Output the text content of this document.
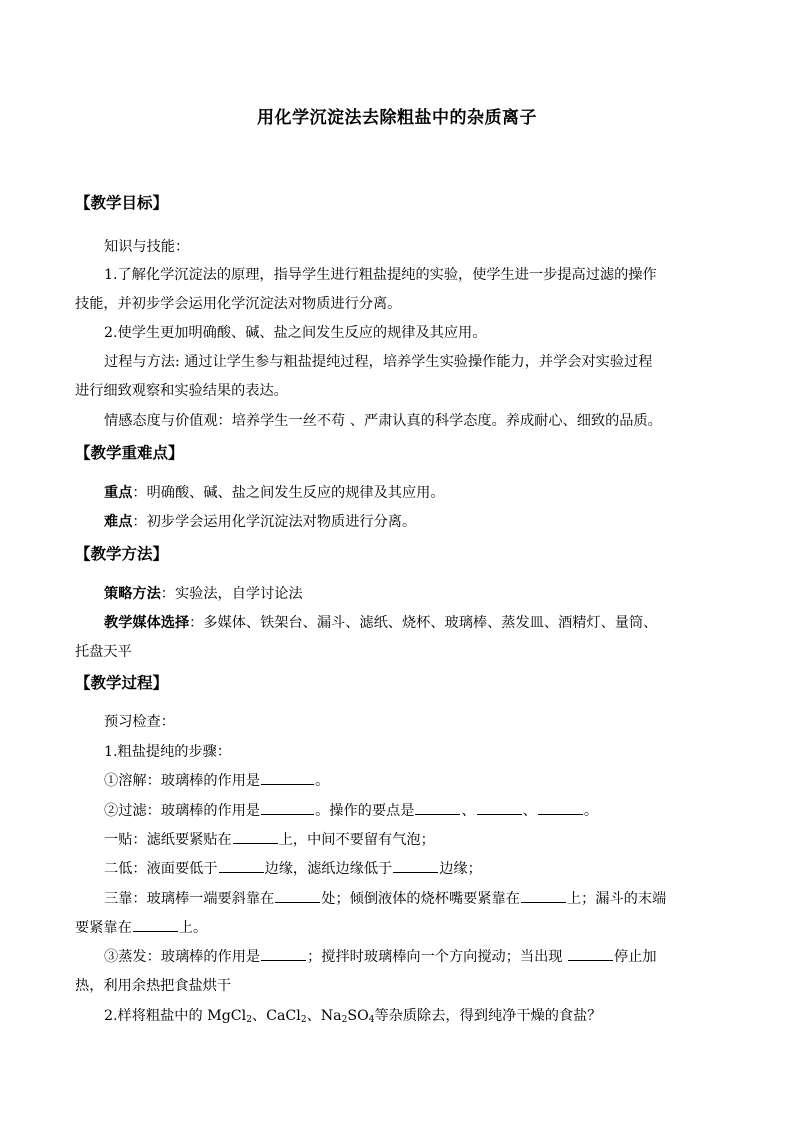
用化学沉淀法去除粗盐中的杂质离子
【教学目标】
知识与技能：
1.了解化学沉淀法的原理，指导学生进行粗盐提纯的实验，使学生进一步提高过滤的操作
技能，并初步学会运用化学沉淀法对物质进行分离。
2.使学生更加明确酸、碱、盐之间发生反应的规律及其应用。
过程与方法: 通过让学生参与粗盐提纯过程，培养学生实验操作能力，并学会对实验过程
进行细致观察和实验结果的表达。
情感态度与价值观：培养学生一丝不苟 、严肃认真的科学态度。养成耐心、细致的品质。
【教学重难点】
重点：明确酸、碱、盐之间发生反应的规律及其应用。
难点：初步学会运用化学沉淀法对物质进行分离。
【教学方法】
策略方法：实验法，自学讨论法
教学媒体选择：多媒体、铁架台、漏斗、滤纸、烧杯、玻璃棒、蒸发皿、酒精灯、量筒、
托盘天平
【教学过程】
预习检查：
1.粗盐提纯的步骤：
①溶解：玻璃棒的作用是	。
②过滤：玻璃棒的作用是	。操作的要点是	、	、	。
一贴：滤纸要紧贴在	上，中间不要留有气泡；
二低：液面要低于	边缘，滤纸边缘低于	边缘；
三靠：玻璃棒一端要斜靠在	处；倾倒液体的烧杯嘴要紧靠在	上；漏斗的末端
要紧靠在	上。
③蒸发：玻璃棒的作用是	；搅拌时玻璃棒向一个方向搅动；当出现	停止加
热，利用余热把食盐烘干
2.样将粗盐中的 MgCl$_2$、CaCl$_2$、$Na_2SO_4$等杂质除去，得到纯净干燥的食盐？
